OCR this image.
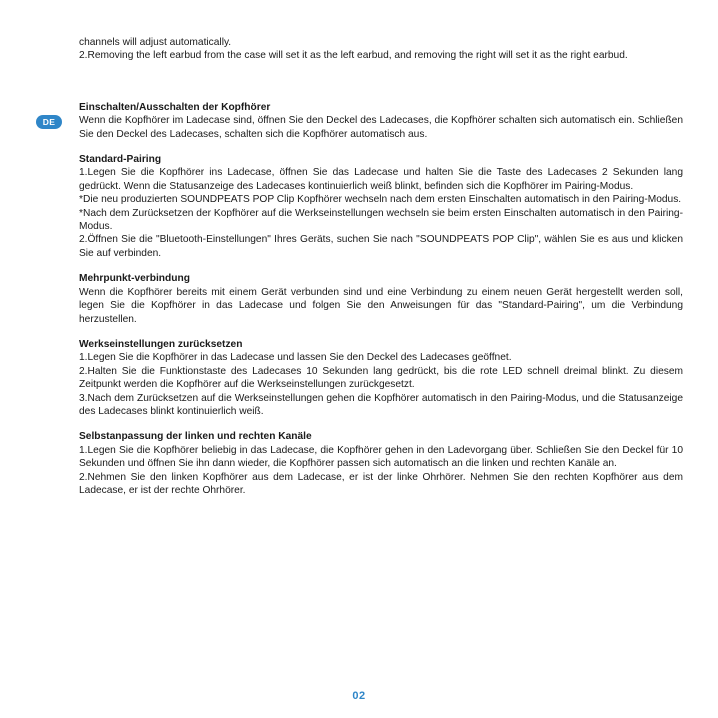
DE

channels will adjust automatically.

2.Removing the left earbud from the case will set it as the left earbud, and removing the right will set it as the right earbud.

Einschalten/Ausschalten der Kopfhörer

Wenn die Kopfhörer im Ladecase sind, öffnen Sie den Deckel des Ladecases, die Kopfhörer schalten sich automatisch ein. Schließen Sie den Deckel des Ladecases, schalten sich die Kopfhörer automatisch aus.

Standard-Pairing

1.Legen Sie die Kopfhörer ins Ladecase, öffnen Sie das Ladecase und halten Sie die Taste des Ladecases 2 Sekunden lang gedrückt. Wenn die Statusanzeige des Ladecases kontinuierlich weiß blinkt, befinden sich die Kopfhörer im Pairing-Modus.

*Die neu produzierten SOUNDPEATS POP Clip Kopfhörer wechseln nach dem ersten Einschalten automatisch in den Pairing-Modus.

*Nach dem Zurücksetzen der Kopfhörer auf die Werkseinstellungen wechseln sie beim ersten Einschalten automatisch in den Pairing-Modus.

2.Öffnen Sie die "Bluetooth-Einstellungen" Ihres Geräts, suchen Sie nach "SOUNDPEATS POP Clip", wählen Sie es aus und klicken Sie auf verbinden.

Mehrpunkt-verbindung

Wenn die Kopfhörer bereits mit einem Gerät verbunden sind und eine Verbindung zu einem neuen Gerät hergestellt werden soll, legen Sie die Kopfhörer in das Ladecase und folgen Sie den Anweisungen für das "Standard-Pairing", um die Verbindung herzustellen.

Werkseinstellungen zurücksetzen

1.Legen Sie die Kopfhörer in das Ladecase und lassen Sie den Deckel des Ladecases geöffnet.

2.Halten Sie die Funktionstaste des Ladecases 10 Sekunden lang gedrückt, bis die rote LED schnell dreimal blinkt. Zu diesem Zeitpunkt werden die Kopfhörer auf die Werkseinstellungen zurückgesetzt.

3.Nach dem Zurücksetzen auf die Werkseinstellungen gehen die Kopfhörer automatisch in den Pairing-Modus, und die Statusanzeige des Ladecases blinkt kontinuierlich weiß.

Selbstanpassung der linken und rechten Kanäle

1.Legen Sie die Kopfhörer beliebig in das Ladecase, die Kopfhörer gehen in den Ladevorgang über. Schließen Sie den Deckel für 10 Sekunden und öffnen Sie ihn dann wieder, die Kopfhörer passen sich automatisch an die linken und rechten Kanäle an.

2.Nehmen Sie den linken Kopfhörer aus dem Ladecase, er ist der linke Ohrhörer. Nehmen Sie den rechten Kopfhörer aus dem Ladecase, er ist der rechte Ohrhörer.

02
